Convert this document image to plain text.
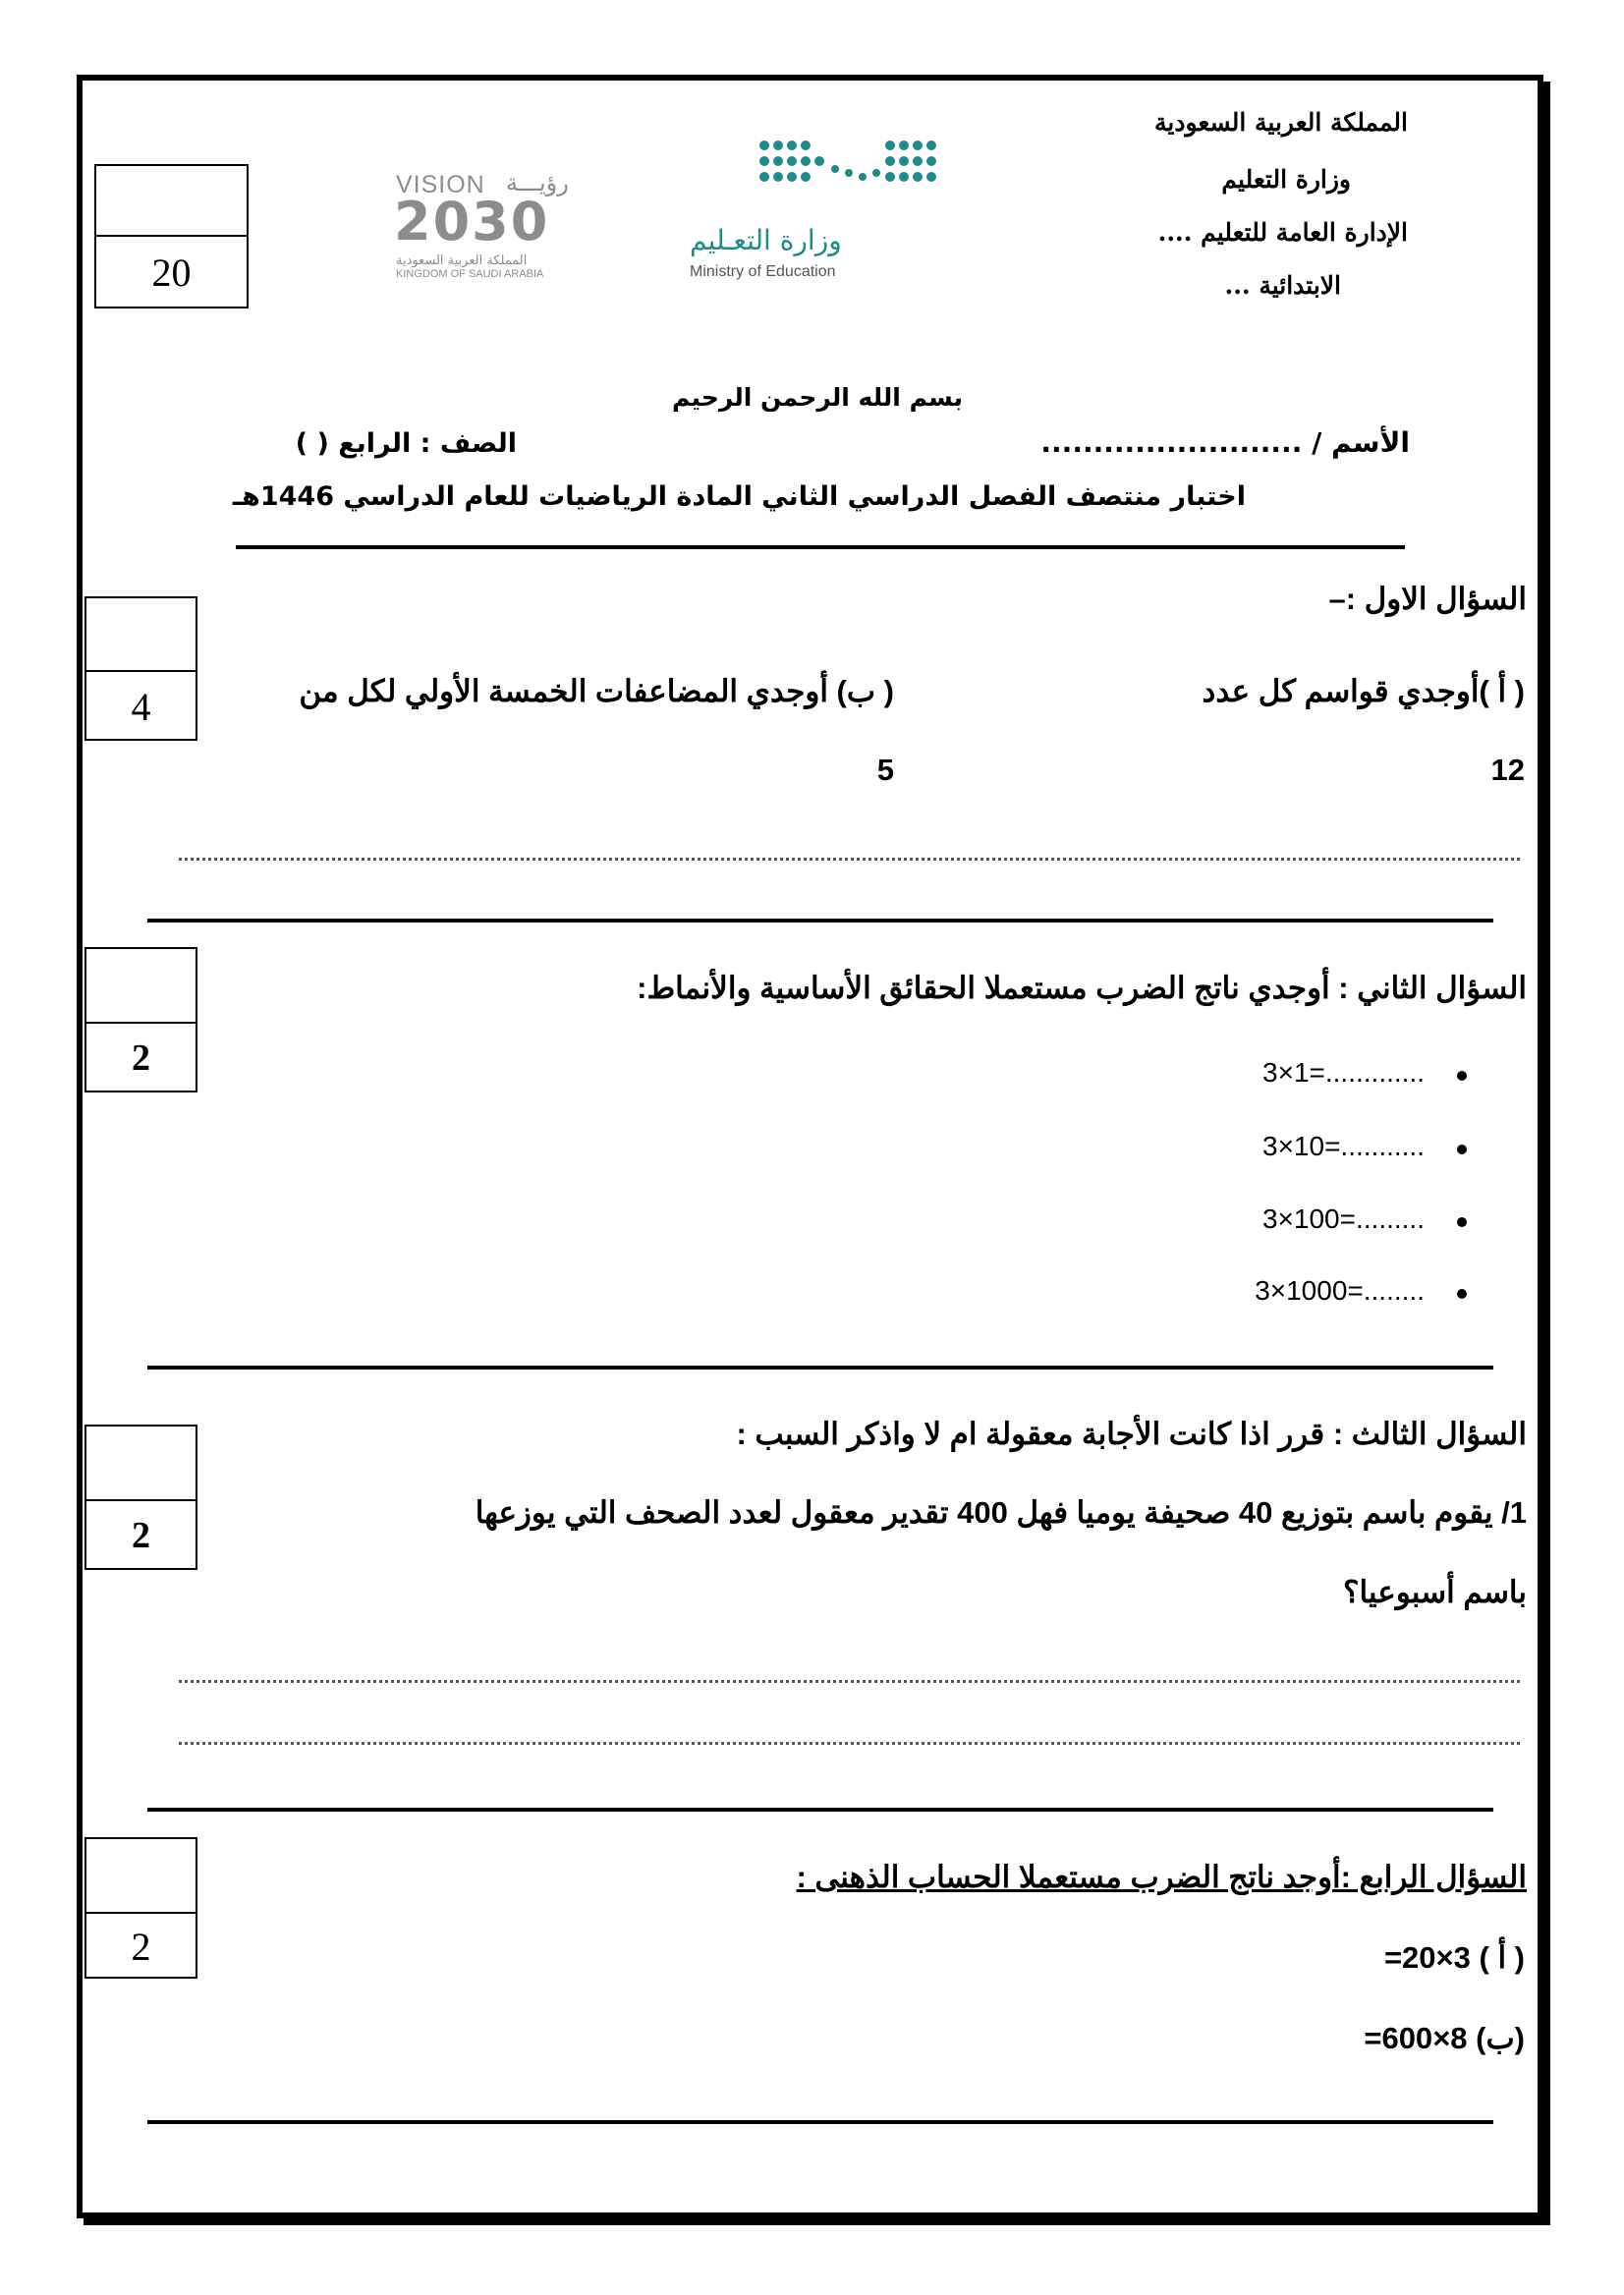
المملكة العربية السعودية
وزارة التعليم
الإدارة العامة للتعليم ....
الابتدائية ...
وزارة التعـليم
Ministry of Education
VISION رؤيـــة
2030
المملكة العربية السعودية
KINGDOM OF SAUDI ARABIA
20
بسم الله الرحمن الرحيم
الأسم / .........................
الصف : الرابع ( )
اختبار منتصف الفصل الدراسي الثاني المادة الرياضيات للعام الدراسي 1446هـ
4
السؤال الاول :–
( أ )أوجدي قواسم كل عدد
( ب) أوجدي المضاعفات الخمسة الأولي لكل من
12
5
2
السؤال الثاني : أوجدي ناتج الضرب مستعملا الحقائق الأساسية والأنماط:
3×1=.............
3×10=...........
3×100=.........
3×1000=........
2
السؤال الثالث : قرر اذا كانت الأجابة معقولة ام لا واذكر السبب :
1/ يقوم باسم بتوزيع 40 صحيفة يوميا فهل 400 تقدير معقول لعدد الصحف التي يوزعها
باسم أسبوعيا؟
2
السؤال الرابع :أوجد ناتج الضرب مستعملا الحساب الذهنى :
( أ ) 3×20=
(ب) 8×600=
